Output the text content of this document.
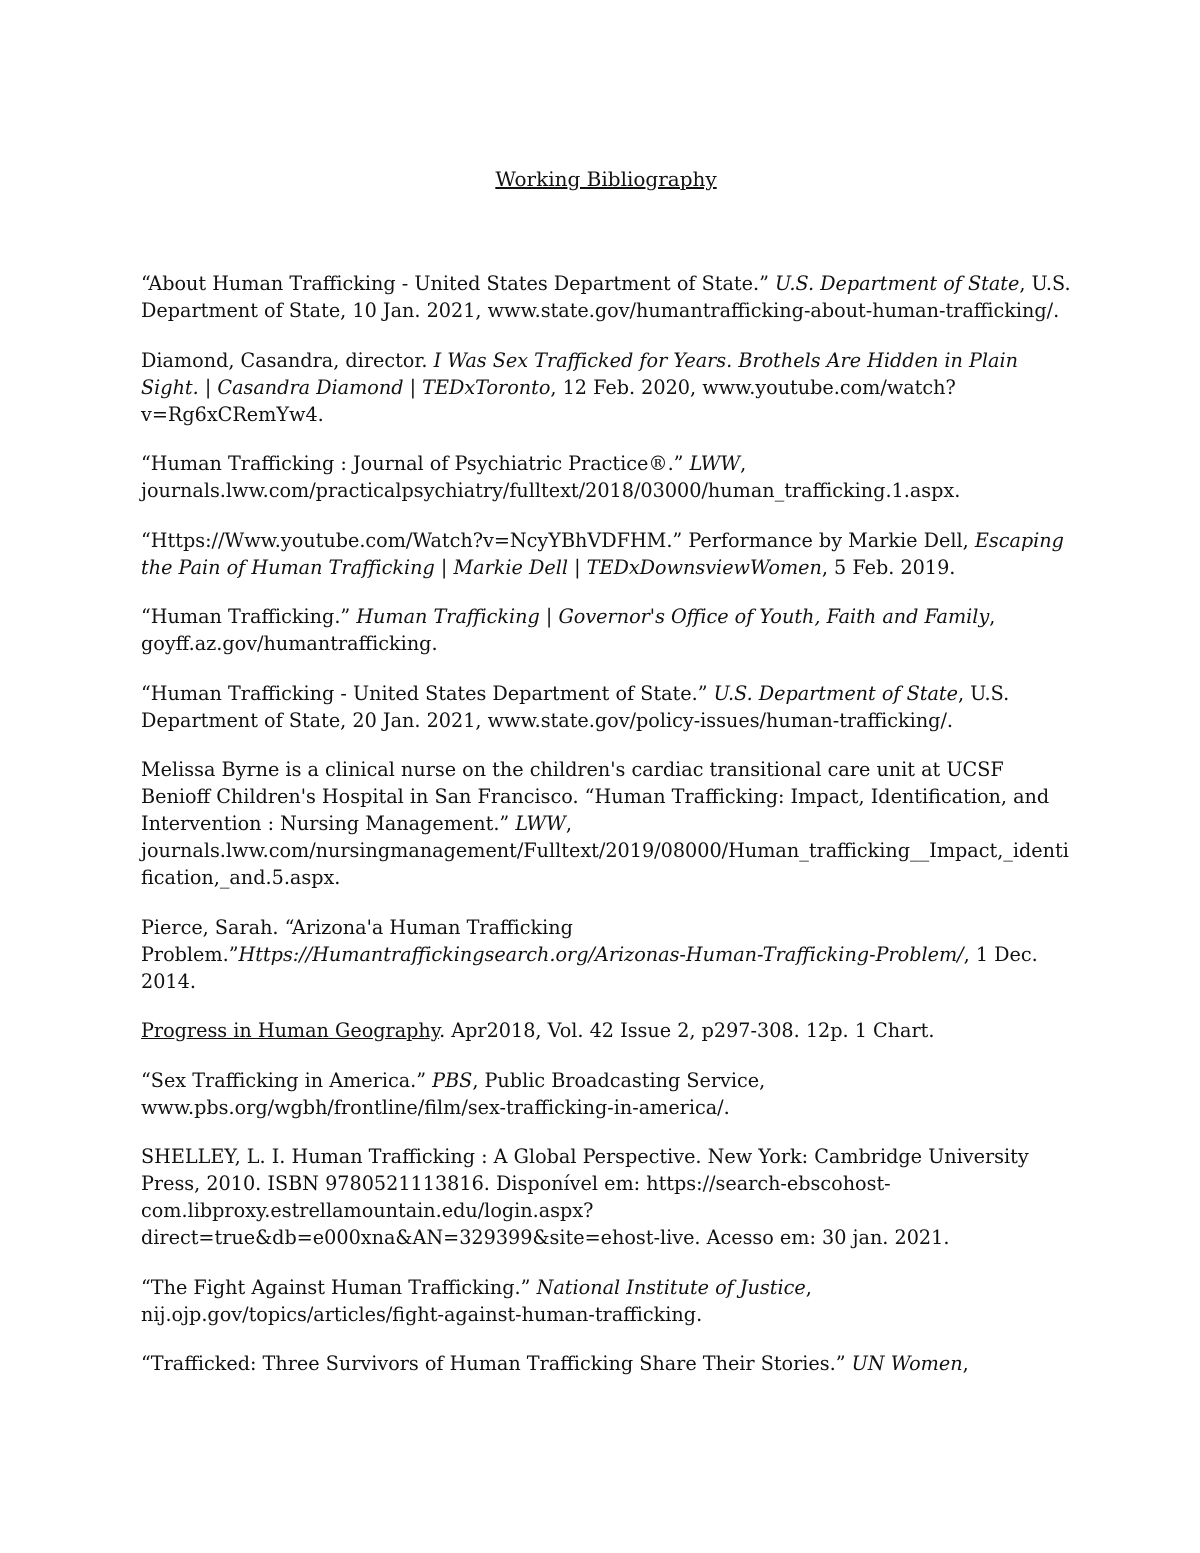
Working Bibliography

“About Human Trafficking - United States Department of State.” U.S. Department of State, U.S. Department of State, 10 Jan. 2021, www.state.gov/humantrafficking-about-human-trafficking/.

Diamond, Casandra, director. I Was Sex Trafficked for Years. Brothels Are Hidden in Plain Sight. | Casandra Diamond | TEDxToronto, 12 Feb. 2020, www.youtube.com/watch?v=Rg6xCRemYw4.

“Human Trafficking : Journal of Psychiatric Practice®.” LWW, journals.lww.com/practicalpsychiatry/fulltext/2018/03000/human_trafficking.1.aspx.

“Https://Www.youtube.com/Watch?v=NcyYBhVDFHM.” Performance by Markie Dell, Escaping the Pain of Human Trafficking | Markie Dell | TEDxDownsviewWomen, 5 Feb. 2019.

“Human Trafficking.” Human Trafficking | Governor's Office of Youth, Faith and Family, goyff.az.gov/humantrafficking.

“Human Trafficking - United States Department of State.” U.S. Department of State, U.S. Department of State, 20 Jan. 2021, www.state.gov/policy-issues/human-trafficking/.

Melissa Byrne is a clinical nurse on the children's cardiac transitional care unit at UCSF Benioff Children's Hospital in San Francisco. “Human Trafficking: Impact, Identification, and Intervention : Nursing Management.” LWW, journals.lww.com/nursingmanagement/Fulltext/2019/08000/Human_trafficking__Impact,_identification,_and.5.aspx.

Pierce, Sarah. “Arizona'a Human Trafficking Problem.”Https://Humantraffickingsearch.org/Arizonas-Human-Trafficking-Problem/, 1 Dec. 2014.

Progress in Human Geography. Apr2018, Vol. 42 Issue 2, p297-308. 12p. 1 Chart.

“Sex Trafficking in America.” PBS, Public Broadcasting Service, www.pbs.org/wgbh/frontline/film/sex-trafficking-in-america/.

SHELLEY, L. I. Human Trafficking : A Global Perspective. New York: Cambridge University Press, 2010. ISBN 9780521113816. Disponível em: https://search-ebscohost-com.libproxy.estrellamountain.edu/login.aspx?direct=true&db=e000xna&AN=329399&site=ehost-live. Acesso em: 30 jan. 2021.

“The Fight Against Human Trafficking.” National Institute of Justice, nij.ojp.gov/topics/articles/fight-against-human-trafficking.

“Trafficked: Three Survivors of Human Trafficking Share Their Stories.” UN Women,
